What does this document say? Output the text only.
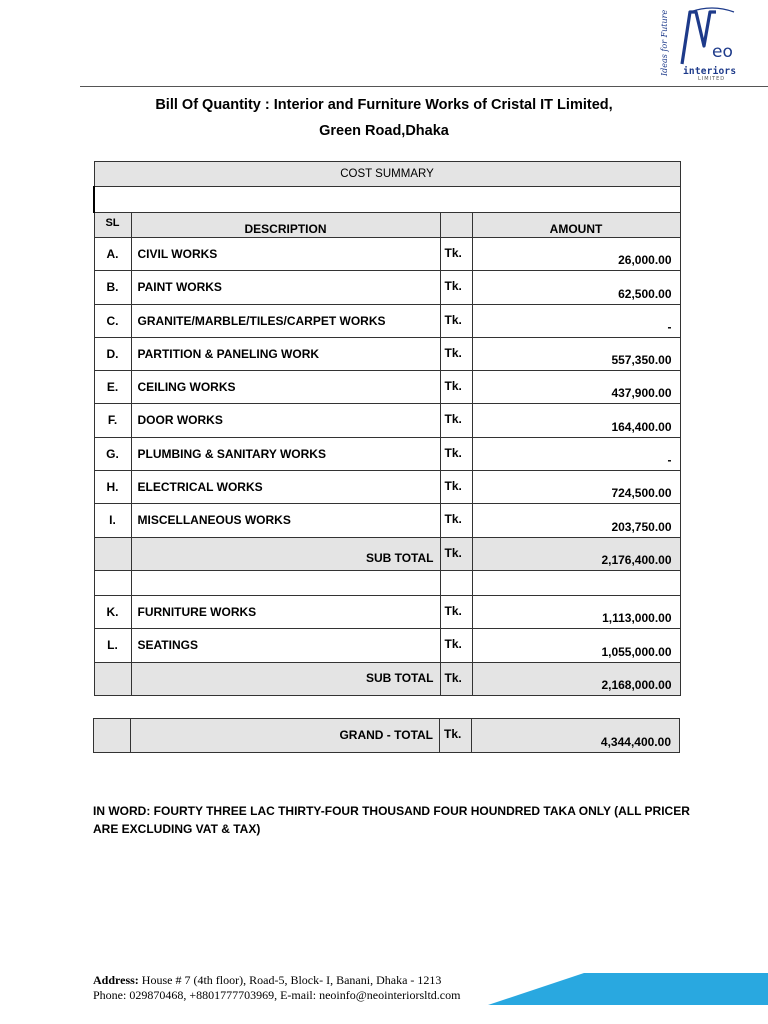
Ideas for Future	eo
interiors
LIMITED
Bill Of Quantity : Interior and Furniture Works of Cristal IT Limited,
Green Road,Dhaka
COST SUMMARY			

SL	DESCRIPTION		AMOUNT
A.	CIVIL WORKS	Tk.	26,000.00
B.	PAINT WORKS	Tk.	62,500.00
C.	GRANITE/MARBLE/TILES/CARPET WORKS	Tk.	-
D.	PARTITION & PANELING WORK	Tk.	557,350.00
E.	CEILING WORKS	Tk.	437,900.00
F.	DOOR WORKS	Tk.	164,400.00
G.	PLUMBING & SANITARY WORKS	Tk.	-
H.	ELECTRICAL WORKS	Tk.	724,500.00
I.	MISCELLANEOUS WORKS	Tk.	203,750.00
	SUB TOTAL	Tk.	2,176,400.00

K.	FURNITURE WORKS	Tk.	1,113,000.00
L.	SEATINGS	Tk.	1,055,000.00
	SUB TOTAL	Tk.	2,168,000.00
	GRAND - TOTAL	Tk.	4,344,400.00
IN WORD: FOURTY THREE LAC THIRTY-FOUR THOUSAND FOUR HOUNDRED TAKA ONLY (ALL PRICER ARE EXCLUDING VAT & TAX)
Address: House # 7 (4th floor), Road-5, Block- I, Banani, Dhaka - 1213
Phone: 029870468, +8801777703969, E-mail: neoinfo@neointeriorsltd.com
